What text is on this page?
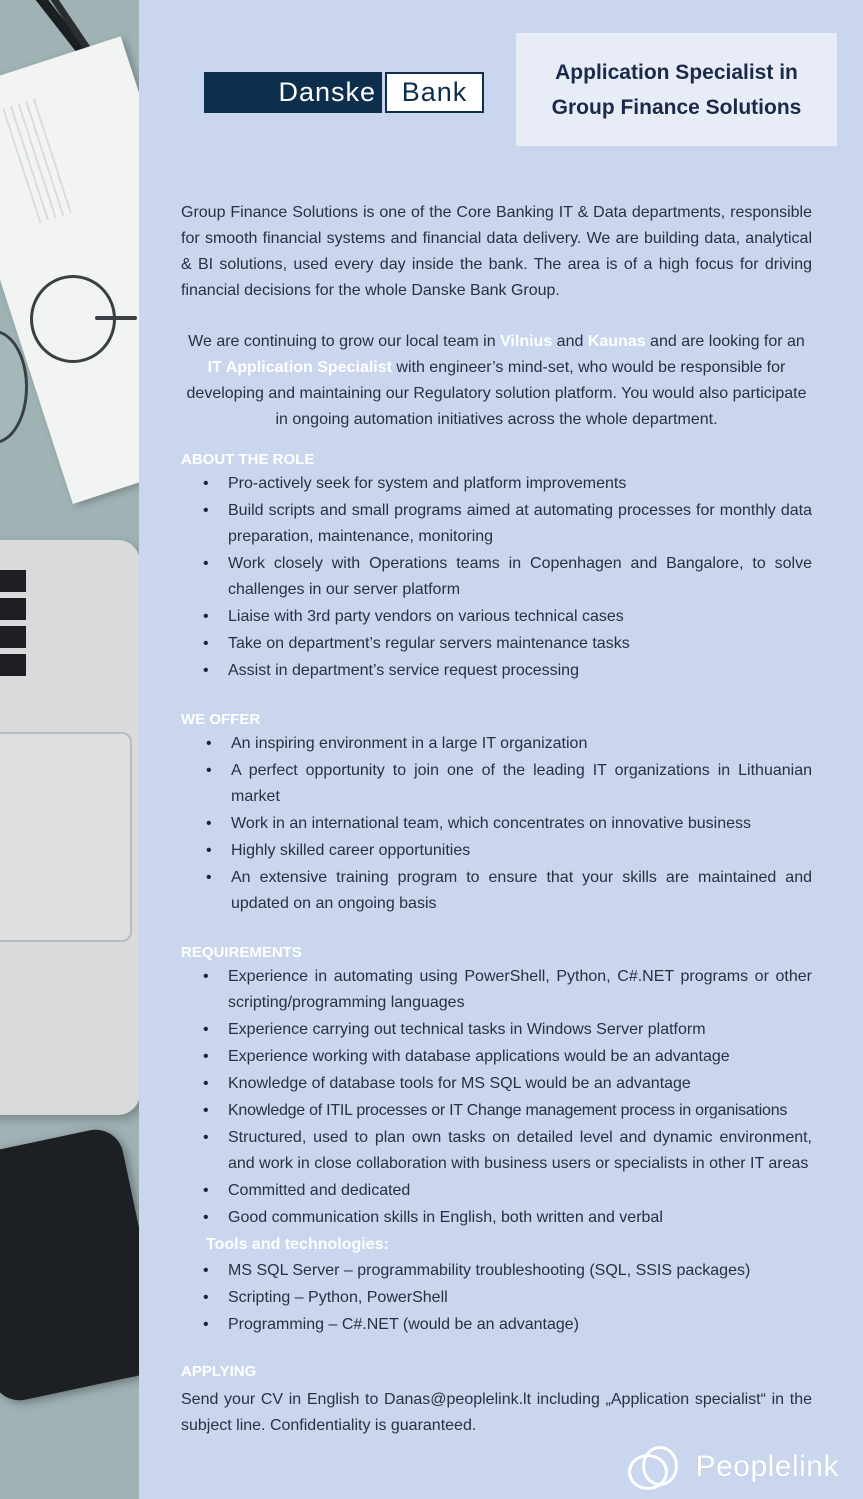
Danske Bank
Application Specialist in Group Finance Solutions

Group Finance Solutions is one of the Core Banking IT & Data departments, responsible for smooth financial systems and financial data delivery. We are building data, analytical & BI solutions, used every day inside the bank. The area is of a high focus for driving financial decisions for the whole Danske Bank Group.

We are continuing to grow our local team in Vilnius and Kaunas and are looking for an IT Application Specialist with engineer’s mind-set, who would be responsible for developing and maintaining our Regulatory solution platform. You would also participate in ongoing automation initiatives across the whole department.

ABOUT THE ROLE
• Pro-actively seek for system and platform improvements
• Build scripts and small programs aimed at automating processes for monthly data preparation, maintenance, monitoring
• Work closely with Operations teams in Copenhagen and Bangalore, to solve challenges in our server platform
• Liaise with 3rd party vendors on various technical cases
• Take on department’s regular servers maintenance tasks
• Assist in department’s service request processing
WE OFFER
• An inspiring environment in a large IT organization
• A perfect opportunity to join one of the leading IT organizations in Lithuanian market
• Work in an international team, which concentrates on innovative business
• Highly skilled career opportunities
• An extensive training program to ensure that your skills are maintained and updated on an ongoing basis
REQUIREMENTS
• Experience in automating using PowerShell, Python, C#.NET programs or other scripting/programming languages
• Experience carrying out technical tasks in Windows Server platform
• Experience working with database applications would be an advantage
• Knowledge of database tools for MS SQL would be an advantage
• Knowledge of ITIL processes or IT Change management process in organisations
• Structured, used to plan own tasks on detailed level and dynamic environment, and work in close collaboration with business users or specialists in other IT areas
• Committed and dedicated
• Good communication skills in English, both written and verbal
Tools and technologies:
• MS SQL Server – programmability troubleshooting (SQL, SSIS packages)
• Scripting – Python, PowerShell
• Programming – C#.NET (would be an advantage)
APPLYING

Send your CV in English to Danas@peoplelink.lt including „Application specialist“ in the subject line. Confidentiality is guaranteed.

Peoplelink
